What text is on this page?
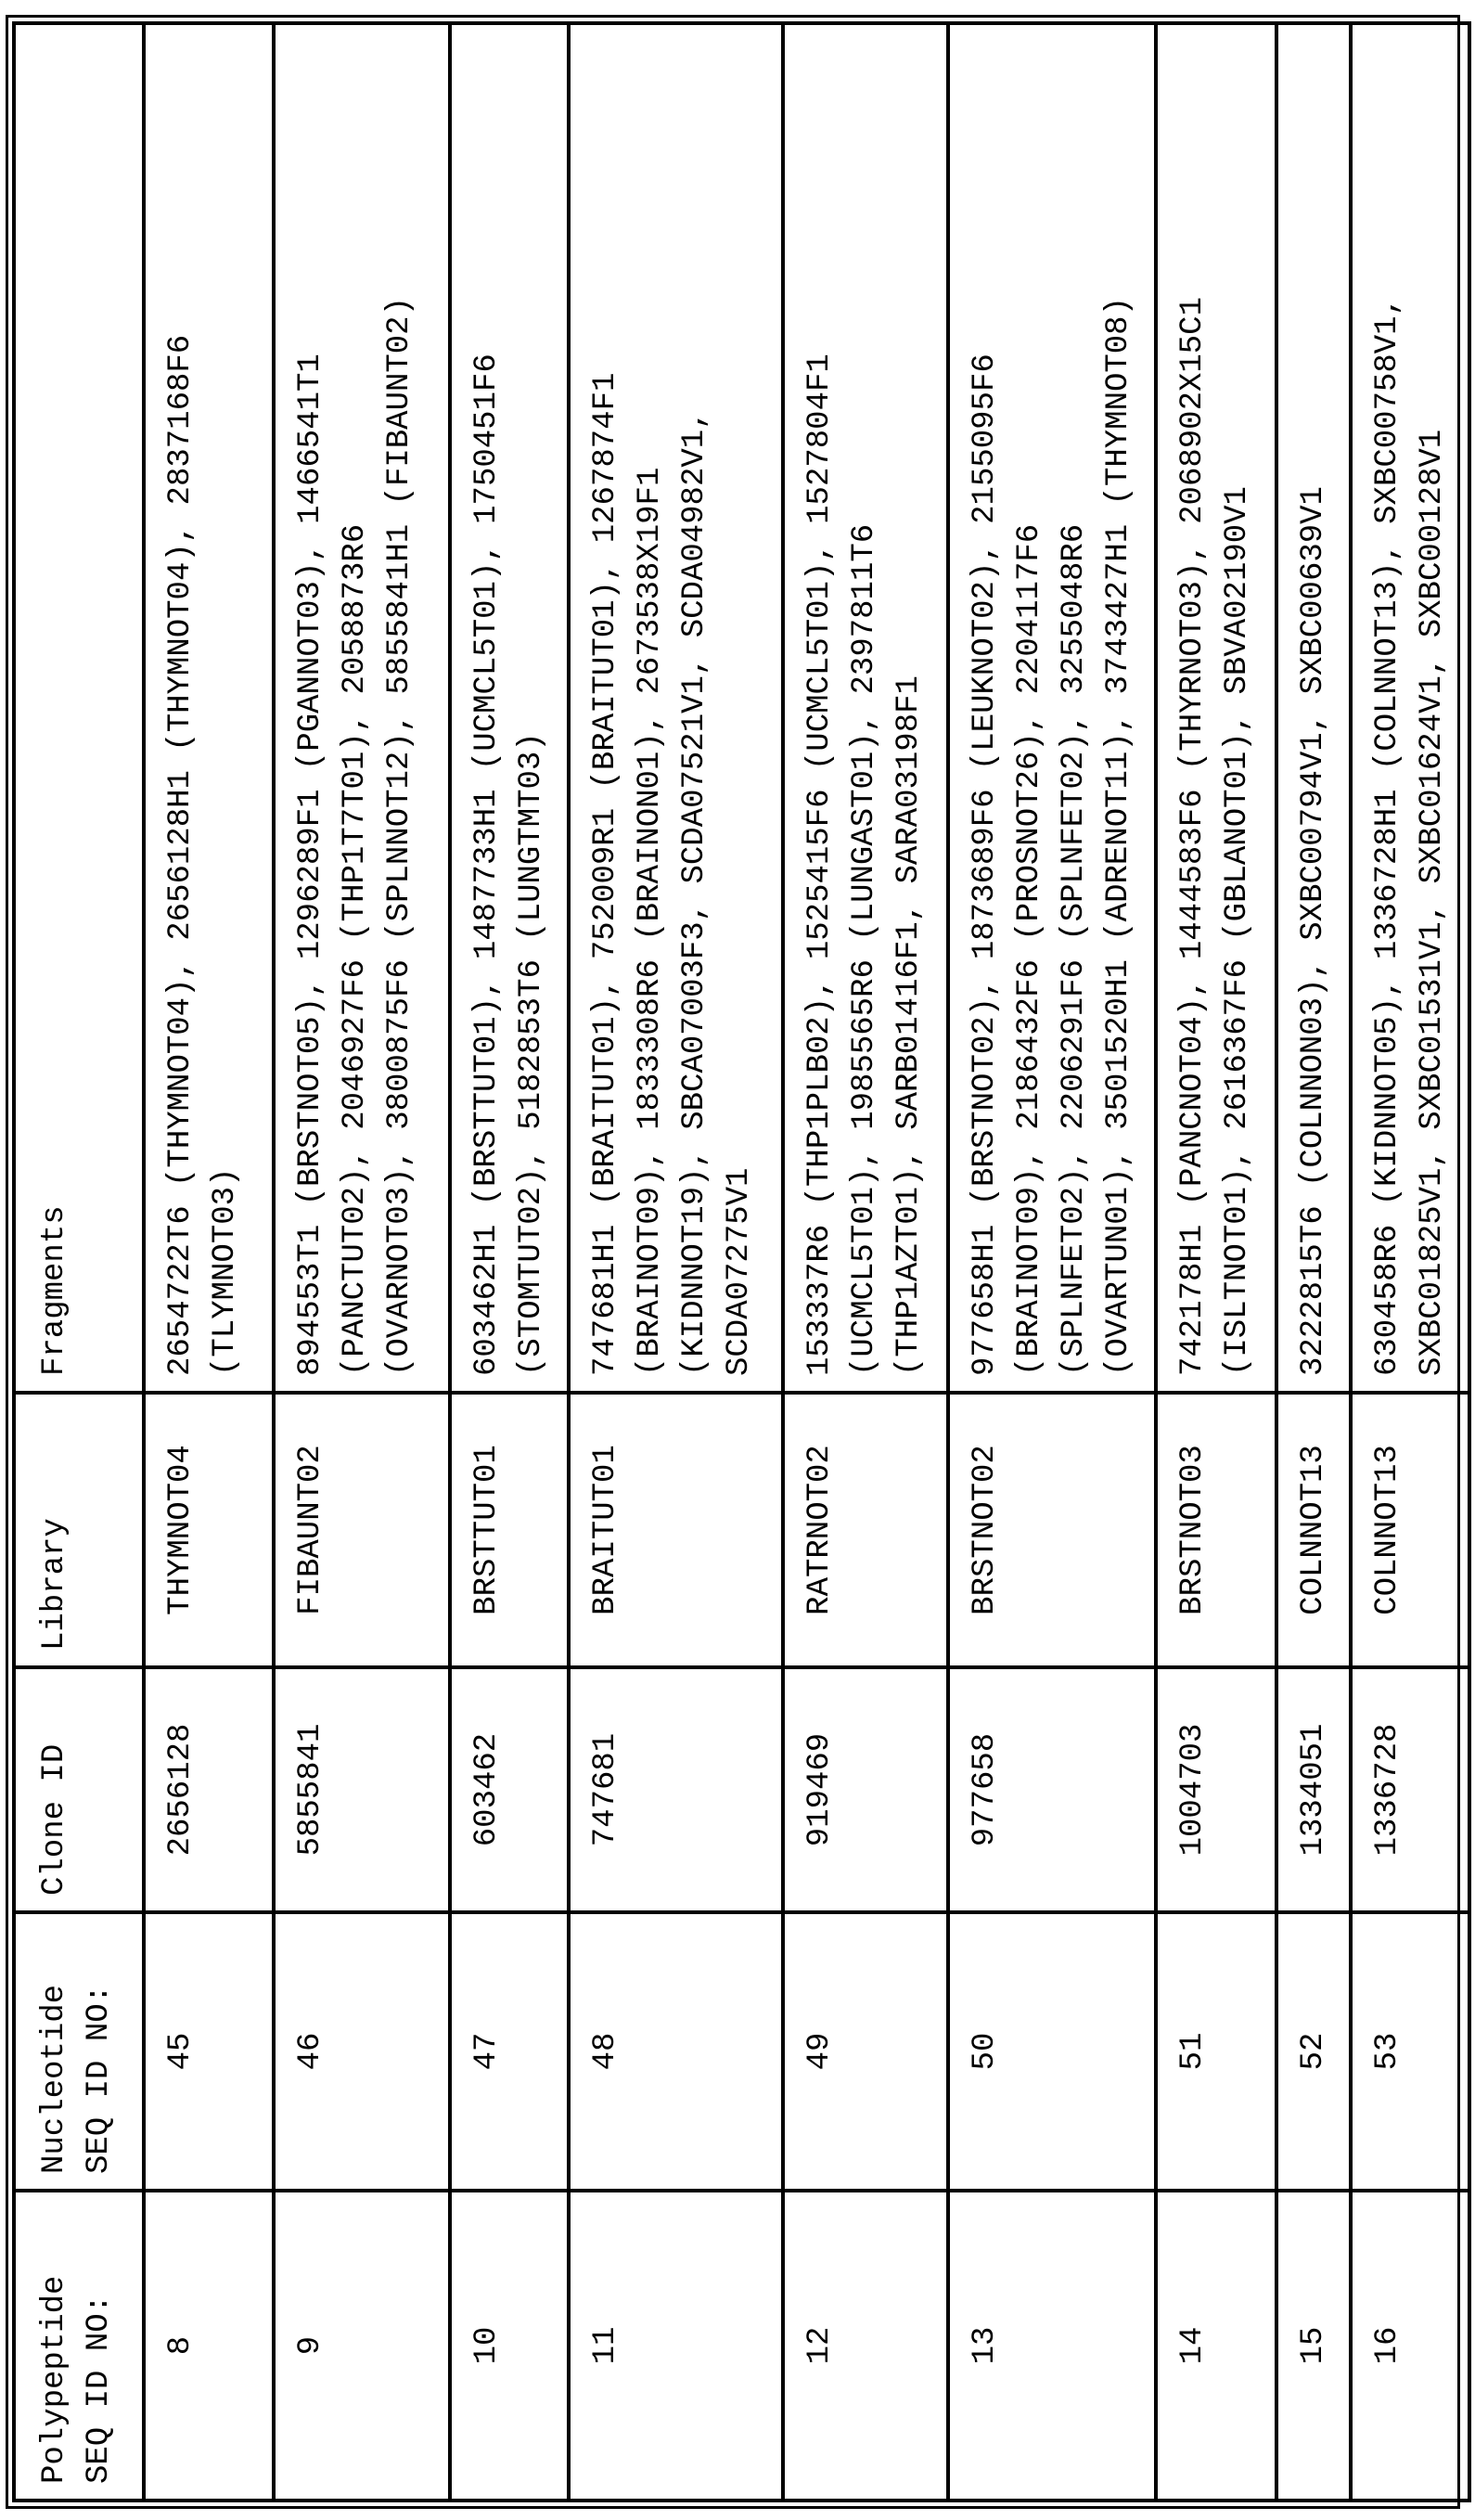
Polypeptide SEQ ID NO:

Nucleotide SEQ ID NO:

Clone ID

Library

Fragments

8	45	2656128	THYMNOT04	
2654722T6 (THYMNOT04), 2656128H1 (THYMNOT04), 2837168F6 (TLYMNOT03)

9	46	5855841	FIBAUNT02	
894553T1 (BRSTNOT05), 1296289F1 (PGANNOT03), 1466541T1 (PANCTUT02), 2046927F6 (THP1T7T01), 2058873R6 (OVARNOT03), 3800875F6 (SPLNNOT12), 5855841H1 (FIBAUNT02)

10	47	603462	BRSTTUT01	
603462H1 (BRSTTUT01), 1487733H1 (UCMCL5T01), 1750451F6 (STOMTUT02), 5182853T6 (LUNGTMT03)

11	48	747681	BRAITUT01	
747681H1 (BRAITUT01), 752009R1 (BRAITUT01), 1267874F1 (BRAINOT09), 1833308R6 (BRAINON01), 2673538X19F1 (KIDNNOT19), SBCA07003F3, SCDA07521V1, SCDA04982V1, SCDA07275V1

12	49	919469	RATRNOT02	
153337R6 (THP1PLB02), 1525415F6 (UCMCL5T01), 1527804F1 (UCMCL5T01), 1985565R6 (LUNGAST01), 2397811T6 (THP1AZT01), SARB01416F1, SARA03198F1

13	50	977658	BRSTNOT02	
977658H1 (BRSTNOT02), 1873689F6 (LEUKNOT02), 2155095F6 (BRAINOT09), 2186432F6 (PROSNOT26), 2204117F6 (SPLNFET02), 2206291F6 (SPLNFET02), 3255048R6 (OVARTUN01), 3501520H1 (ADRENOT11), 3743427H1 (THYMNOT08)

14	51	1004703	BRSTNOT03	
742178H1 (PANCNOT04), 1444583F6 (THYRNOT03), 2068902X15C1 (ISLTNOT01), 2616367F6 (GBLANOT01), SBVA02190V1

15	52	1334051	COLNNOT13	
3222815T6 (COLNNON03), SXBC00794V1, SXBC00639V1

16	53	1336728	COLNNOT13	
630458R6 (KIDNNOT05), 1336728H1 (COLNNOT13), SXBC00758V1, SXBC01825V1, SXBC01531V1, SXBC01624V1, SXBC00128V1
